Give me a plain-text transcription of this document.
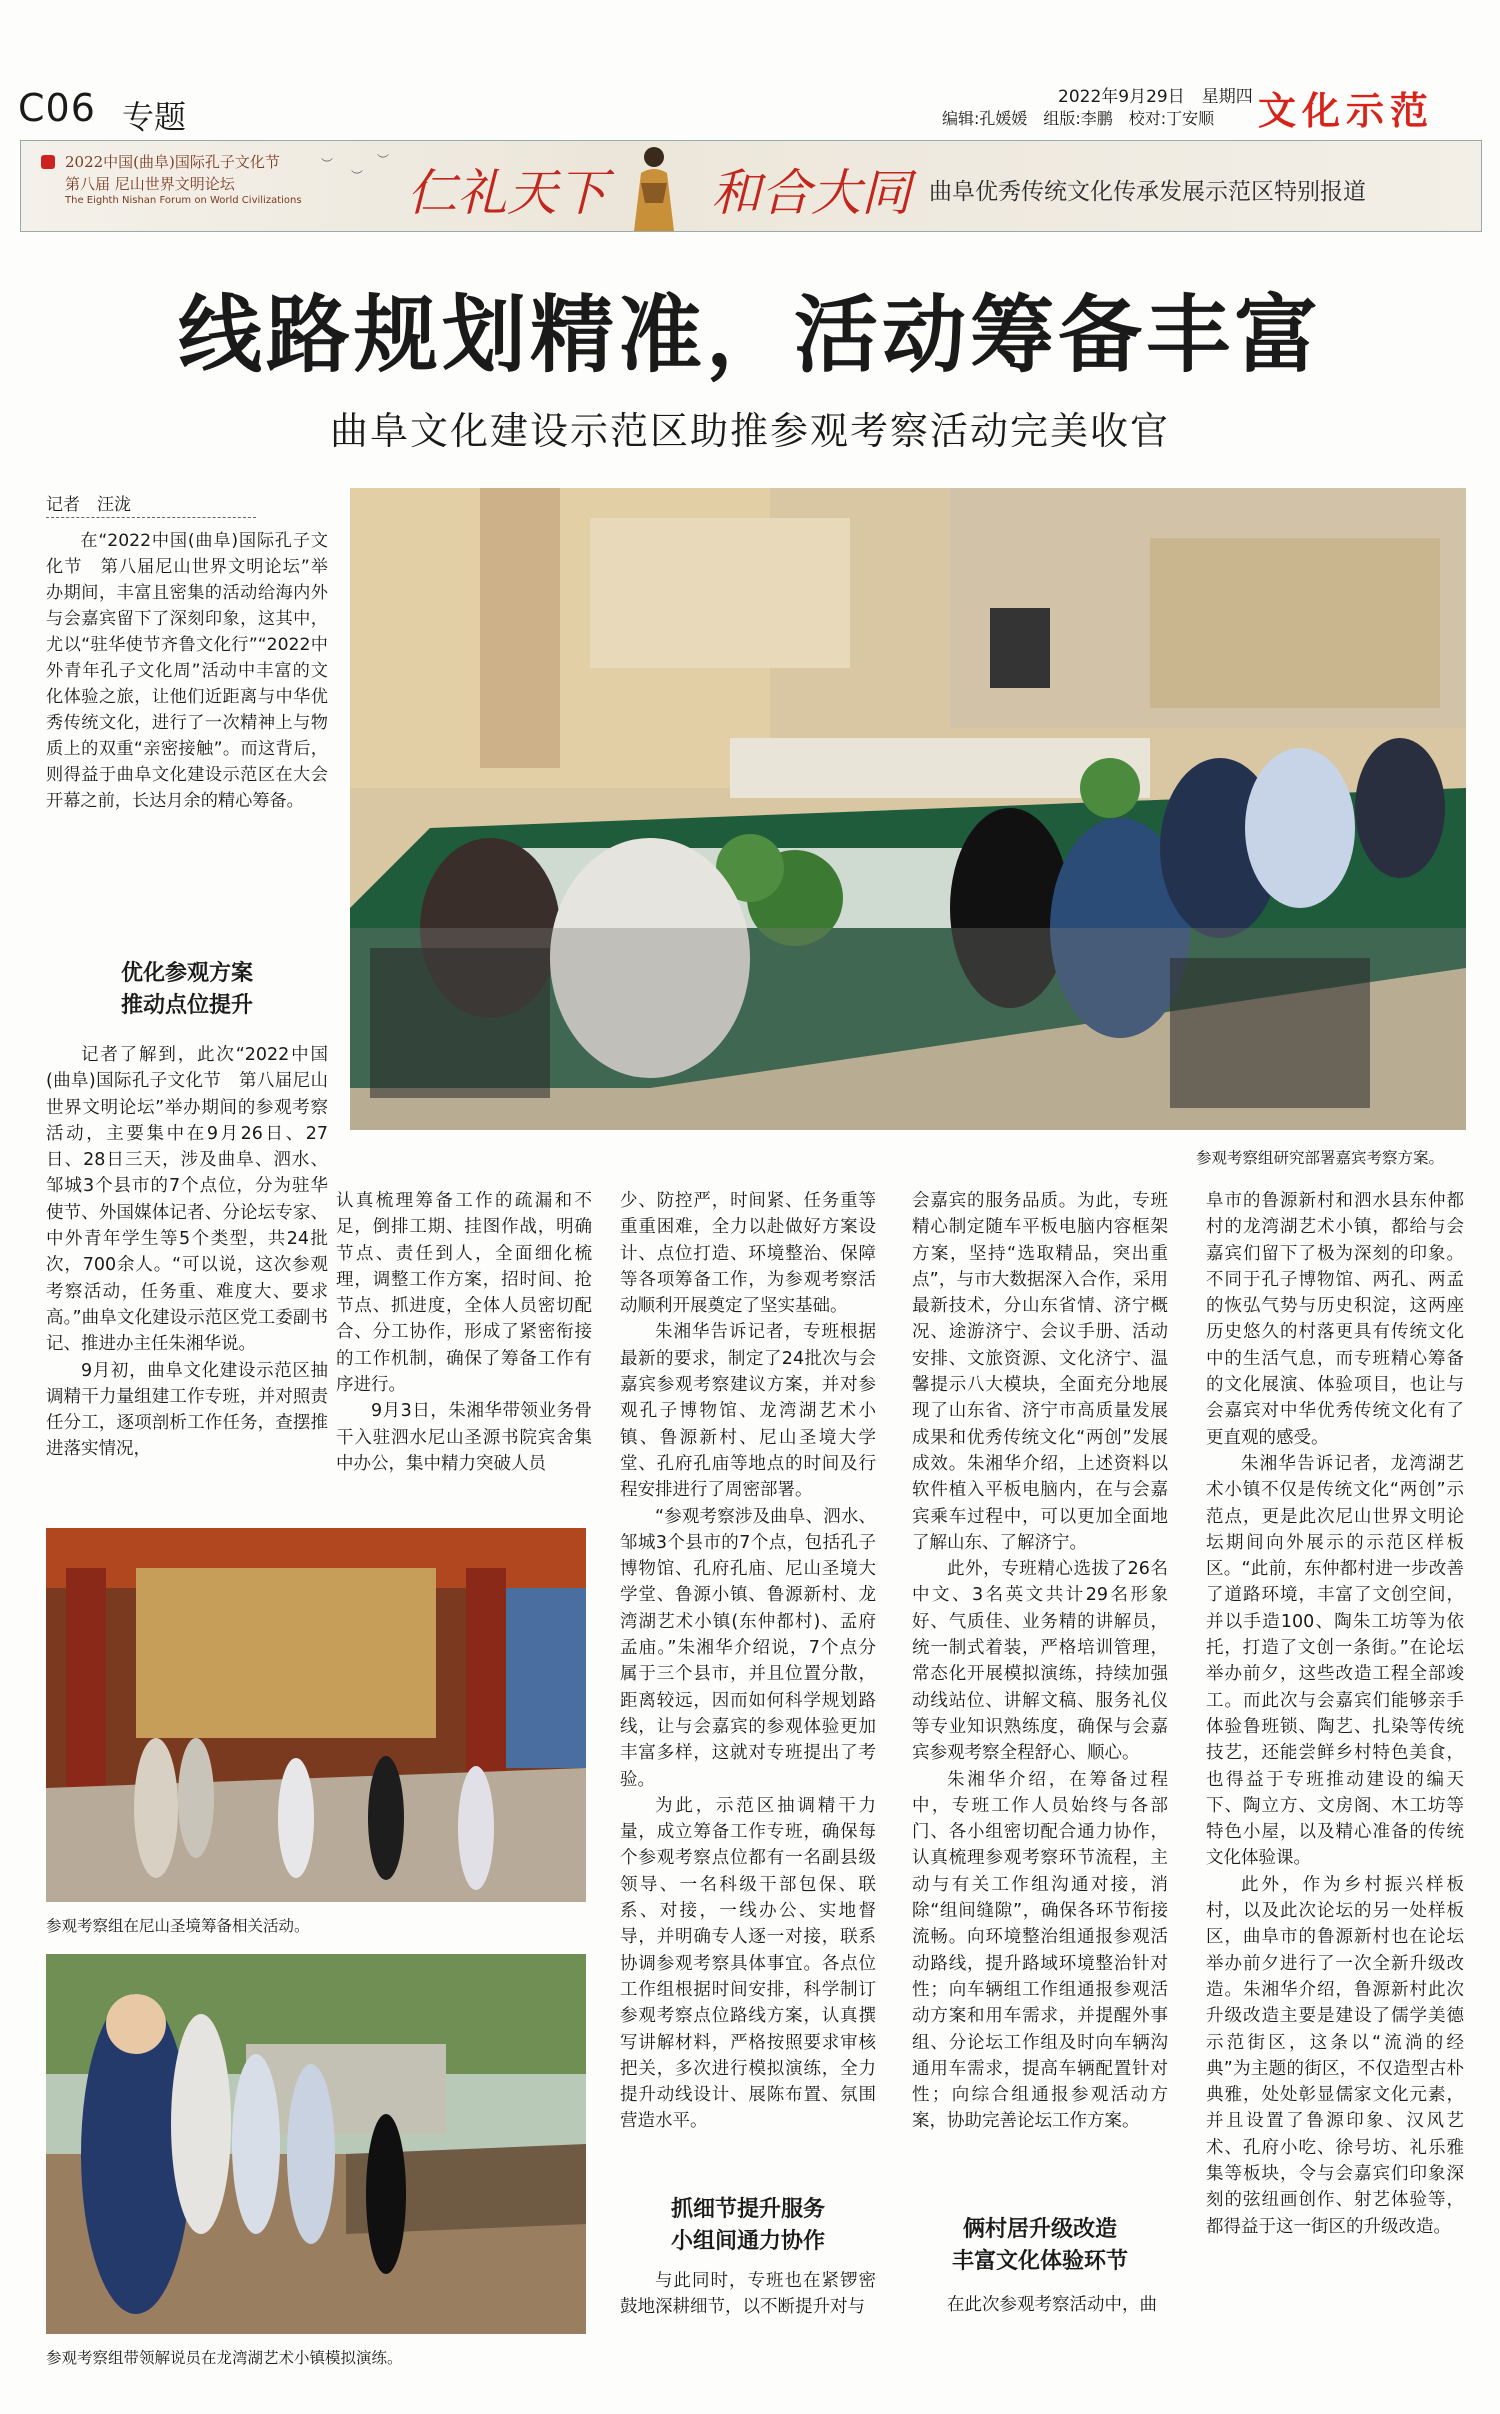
C06 专题
2022年9月29日　星期四
编辑:孔媛媛　组版:李鹏　校对:丁安顺 文化示范
2022中国(曲阜)国际孔子文化节
第八届 尼山世界文明论坛
The Eighth Nishan Forum on World Civilizations
︶
︶
︶
仁礼天下 和合大同 曲阜优秀传统文化传承发展示范区特别报道
线路规划精准，活动筹备丰富
曲阜文化建设示范区助推参观考察活动完美收官
记者　汪泷

在“2022中国(曲阜)国际孔子文化节　第八届尼山世界文明论坛”举办期间，丰富且密集的活动给海内外与会嘉宾留下了深刻印象，这其中，尤以“驻华使节齐鲁文化行”“2022中外青年孔子文化周”活动中丰富的文化体验之旅，让他们近距离与中华优秀传统文化，进行了一次精神上与物质上的双重“亲密接触”。而这背后，则得益于曲阜文化建设示范区在大会开幕之前，长达月余的精心筹备。

参观考察组研究部署嘉宾考察方案。
优化参观方案
推动点位提升

记者了解到，此次“2022中国(曲阜)国际孔子文化节　第八届尼山世界文明论坛”举办期间的参观考察活动，主要集中在9月26日、27日、28日三天，涉及曲阜、泗水、邹城3个县市的7个点位，分为驻华使节、外国媒体记者、分论坛专家、中外青年学生等5个类型，共24批次，700余人。“可以说，这次参观考察活动，任务重、难度大、要求高。”曲阜文化建设示范区党工委副书记、推进办主任朱湘华说。

9月初，曲阜文化建设示范区抽调精干力量组建工作专班，并对照责任分工，逐项剖析工作任务，查摆推进落实情况，

认真梳理筹备工作的疏漏和不足，倒排工期、挂图作战，明确节点、责任到人，全面细化梳理，调整工作方案，招时间、抢节点、抓进度，全体人员密切配合、分工协作，形成了紧密衔接的工作机制，确保了筹备工作有序进行。

9月3日，朱湘华带领业务骨干入驻泗水尼山圣源书院宾舍集中办公，集中精力突破人员

参观考察组在尼山圣境筹备相关活动。
参观考察组带领解说员在龙湾湖艺术小镇模拟演练。

少、防控严，时间紧、任务重等重重困难，全力以赴做好方案设计、点位打造、环境整治、保障等各项筹备工作，为参观考察活动顺利开展奠定了坚实基础。

朱湘华告诉记者，专班根据最新的要求，制定了24批次与会嘉宾参观考察建议方案，并对参观孔子博物馆、龙湾湖艺术小镇、鲁源新村、尼山圣境大学堂、孔府孔庙等地点的时间及行程安排进行了周密部署。

“参观考察涉及曲阜、泗水、邹城3个县市的7个点，包括孔子博物馆、孔府孔庙、尼山圣境大学堂、鲁源小镇、鲁源新村、龙湾湖艺术小镇(东仲都村)、孟府孟庙。”朱湘华介绍说，7个点分属于三个县市，并且位置分散，距离较远，因而如何科学规划路线，让与会嘉宾的参观体验更加丰富多样，这就对专班提出了考验。

为此，示范区抽调精干力量，成立筹备工作专班，确保每个参观考察点位都有一名副县级领导、一名科级干部包保、联系、对接，一线办公、实地督导，并明确专人逐一对接，联系协调参观考察具体事宜。各点位工作组根据时间安排，科学制订参观考察点位路线方案，认真撰写讲解材料，严格按照要求审核把关，多次进行模拟演练，全力提升动线设计、展陈布置、氛围营造水平。

抓细节提升服务
小组间通力协作

与此同时，专班也在紧锣密鼓地深耕细节，以不断提升对与

会嘉宾的服务品质。为此，专班精心制定随车平板电脑内容框架方案，坚持“选取精品，突出重点”，与市大数据深入合作，采用最新技术，分山东省情、济宁概况、途游济宁、会议手册、活动安排、文旅资源、文化济宁、温馨提示八大模块，全面充分地展现了山东省、济宁市高质量发展成果和优秀传统文化“两创”发展成效。朱湘华介绍，上述资料以软件植入平板电脑内，在与会嘉宾乘车过程中，可以更加全面地了解山东、了解济宁。

此外，专班精心选拔了26名中文、3名英文共计29名形象好、气质佳、业务精的讲解员，统一制式着装，严格培训管理，常态化开展模拟演练，持续加强动线站位、讲解文稿、服务礼仪等专业知识熟练度，确保与会嘉宾参观考察全程舒心、顺心。

朱湘华介绍，在筹备过程中，专班工作人员始终与各部门、各小组密切配合通力协作，认真梳理参观考察环节流程，主动与有关工作组沟通对接，消除“组间缝隙”，确保各环节衔接流畅。向环境整治组通报参观活动路线，提升路域环境整治针对性；向车辆组工作组通报参观活动方案和用车需求，并提醒外事组、分论坛工作组及时向车辆沟通用车需求，提高车辆配置针对性；向综合组通报参观活动方案，协助完善论坛工作方案。

俩村居升级改造
丰富文化体验环节

在此次参观考察活动中，曲

阜市的鲁源新村和泗水县东仲都村的龙湾湖艺术小镇，都给与会嘉宾们留下了极为深刻的印象。不同于孔子博物馆、两孔、两孟的恢弘气势与历史积淀，这两座历史悠久的村落更具有传统文化中的生活气息，而专班精心筹备的文化展演、体验项目，也让与会嘉宾对中华优秀传统文化有了更直观的感受。

朱湘华告诉记者，龙湾湖艺术小镇不仅是传统文化“两创”示范点，更是此次尼山世界文明论坛期间向外展示的示范区样板区。“此前，东仲都村进一步改善了道路环境，丰富了文创空间，并以手造100、陶朱工坊等为依托，打造了文创一条街。”在论坛举办前夕，这些改造工程全部竣工。而此次与会嘉宾们能够亲手体验鲁班锁、陶艺、扎染等传统技艺，还能尝鲜乡村特色美食，也得益于专班推动建设的编天下、陶立方、文房阁、木工坊等特色小屋，以及精心准备的传统文化体验课。

此外，作为乡村振兴样板村，以及此次论坛的另一处样板区，曲阜市的鲁源新村也在论坛举办前夕进行了一次全新升级改造。朱湘华介绍，鲁源新村此次升级改造主要是建设了儒学美德示范街区，这条以“流淌的经典”为主题的街区，不仅造型古朴典雅，处处彰显儒家文化元素，并且设置了鲁源印象、汉风艺术、孔府小吃、徐号坊、礼乐雅集等板块，令与会嘉宾们印象深刻的弦纽画创作、射艺体验等，都得益于这一街区的升级改造。
